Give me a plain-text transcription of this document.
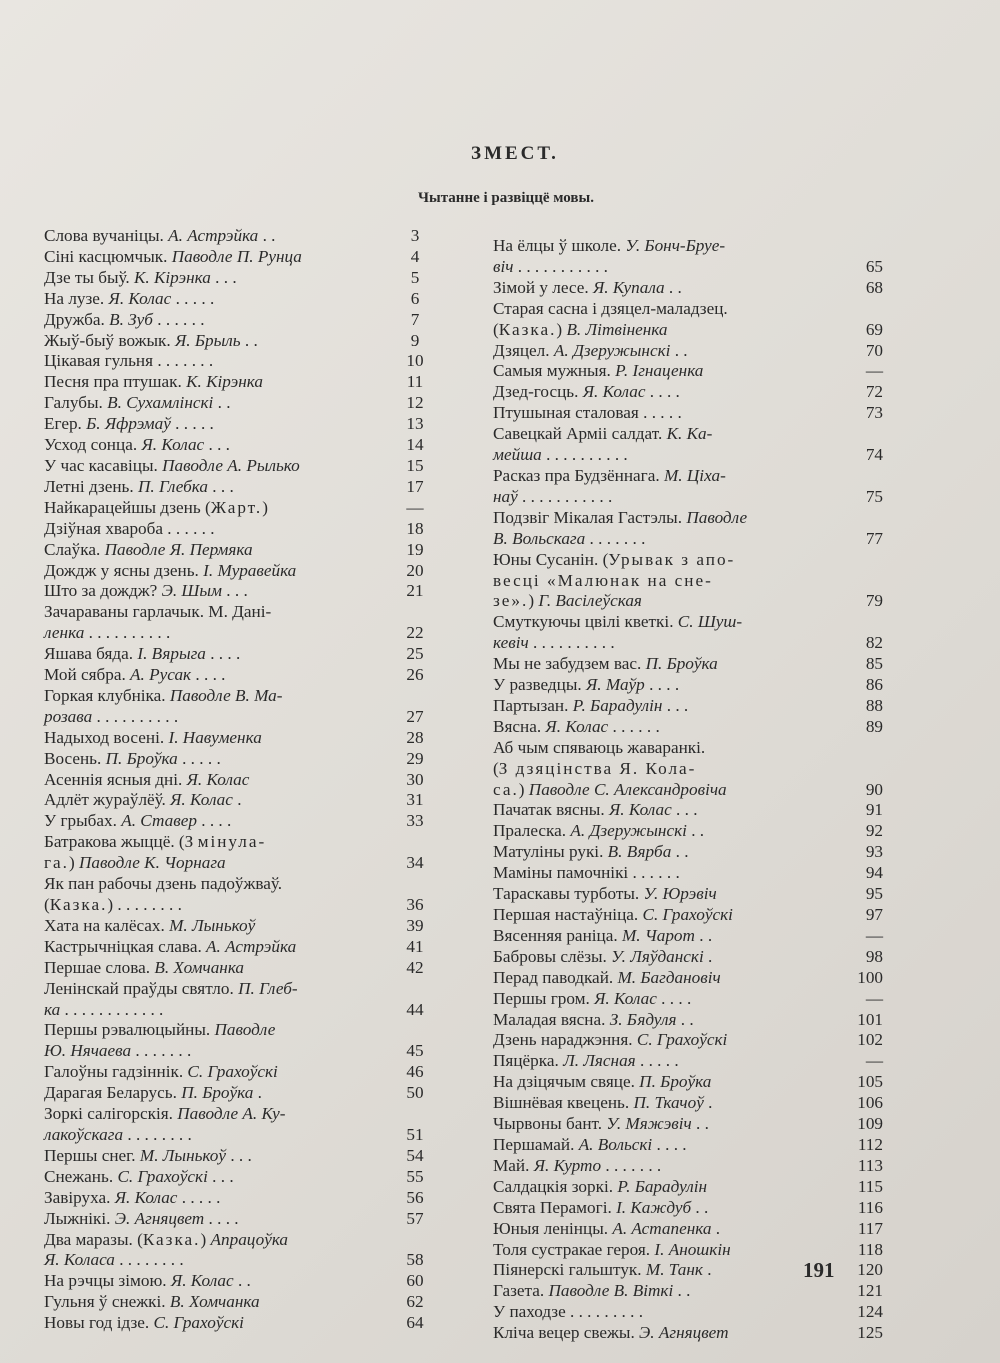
ЗМЕСТ.
Чытанне і развіццё мовы.
Слова вучаніцы. А. Астрэйка . .	3
Сіні касцюмчык. Паводле П. Рунца	4
Дзе ты быў. К. Кірэнка . . .	5
На лузе. Я. Колас . . . . .	6
Дружба. В. Зуб . . . . . .	7
Жыў-быў вожык. Я. Брыль . .	9
Цікавая гульня . . . . . . .	10
Песня пра птушак. К. Кірэнка	11
Галубы. В. Сухамлінскі . .	12
Егер. Б. Яфрэмаў . . . . .	13
Усход сонца. Я. Колас . . .	14
У час касавіцы. Паводле А. Рылько	15
Летні дзень. П. Глебка . . .	17
Найкарацейшы дзень (Жарт.)	—
Дзіўная хвароба . . . . . .	18
Слаўка. Паводле Я. Пермяка	19
Дождж у ясны дзень. І. Муравейка	20
Што за дождж? Э. Шым . . .	21
Зачараваны гарлачык. М. Дані-
ленка . . . . . . . . . .	22
Яшава бяда. І. Вярыга . . . .	25
Мой сябра. А. Русак . . . .	26
Горкая клубніка. Паводле В. Ма-
розава . . . . . . . . . .	27
Надыход восені. І. Навуменка	28
Восень. П. Броўка . . . . .	29
Асеннія ясныя дні. Я. Колас	30
Адлёт жураўлёў. Я. Колас .	31
У грыбах. А. Ставер . . . .	33
Батракова жыццё. (З мінула-
га.) Паводле К. Чорнага	34
Як пан рабочы дзень падоўжваў.
(Казка.) . . . . . . . .	36
Хата на калёсах. М. Лынькоў	39
Кастрычніцкая слава. А. Астрэйка	41
Першае слова. В. Хомчанка	42
Ленінскай праўды святло. П. Глеб-
ка . . . . . . . . . . . .	44
Першы рэвалюцыйны. Паводле
Ю. Нячаева . . . . . . .	45
Галоўны гадзіннік. С. Грахоўскі	46
Дарагая Беларусь. П. Броўка .	50
Зоркі салігорскія. Паводле А. Ку-
лакоўскага . . . . . . . .	51
Першы снег. М. Лынькоў . . .	54
Снежань. С. Грахоўскі . . .	55
Завіруха. Я. Колас . . . . .	56
Лыжнікі. Э. Агняцвет . . . .	57
Два маразы. (Казка.) Апрацоўка
Я. Коласа . . . . . . . .	58
На рэчцы зімою. Я. Колас . .	60
Гульня ў снежкі. В. Хомчанка	62
Новы год ідзе. С. Грахоўскі	64
На ёлцы ў школе. У. Бонч-Бруе-
віч . . . . . . . . . . .	65
Зімой у лесе. Я. Купала . .	68
Старая сасна і дзяцел-маладзец.
(Казка.) В. Літвіненка	69
Дзяцел. А. Дзеружынскі . .	70
Самыя мужныя. Р. Ігнаценка	—
Дзед-госць. Я. Колас . . . .	72
Птушыная сталовая . . . . .	73
Савецкай Арміі салдат. К. Ка-
мейша . . . . . . . . . .	74
Расказ пра Будзённага. М. Ціха-
наў . . . . . . . . . . .	75
Подзвіг Мікалая Гастэлы. Паводле
В. Вольскага . . . . . . .	77
Юны Сусанін. (Урывак з апо-
весці «Малюнак на сне-
зе».) Г. Васілеўская	79
Смуткуючы цвілі кветкі. С. Шуш-
кевіч . . . . . . . . . .	82
Мы не забудзем вас. П. Броўка	85
У разведцы. Я. Маўр . . . .	86
Партызан. Р. Барадулін . . .	88
Вясна. Я. Колас . . . . . .	89
Аб чым спяваюць жаваранкі.
(З дзяцінства Я. Кола-
са.) Паводле С. Александровіча	90
Пачатак вясны. Я. Колас . . .	91
Пралеска. А. Дзеружынскі . .	92
Матуліны рукі. В. Вярба . .	93
Маміны памочнікі . . . . . .	94
Тараскавы турботы. У. Юрэвіч	95
Першая настаўніца. С. Грахоўскі	97
Вясенняя раніца. М. Чарот . .	—
Бабровы слёзы. У. Ляўданскі .	98
Перад паводкай. М. Багдановіч	100
Першы гром. Я. Колас . . . .	—
Маладая вясна. З. Бядуля . .	101
Дзень нараджэння. С. Грахоўскі	102
Пяцёрка. Л. Лясная . . . . .	—
На дзіцячым свяце. П. Броўка	105
Вішнёвая квецень. П. Ткачоў .	106
Чырвоны бант. У. Мяжэвіч . .	109
Першамай. А. Вольскі . . . .	112
Май. Я. Курто . . . . . . .	113
Салдацкія зоркі. Р. Барадулін	115
Свята Перамогі. І. Каждуб . .	116
Юныя ленінцы. А. Астапенка .	117
Толя сустракае героя. І. Аношкін	118
Піянерскі гальштук. М. Танк .	120
Газета. Паводле В. Віткі . .	121
У паходзе . . . . . . . . .	124
Кліча вецер свежы. Э. Агняцвет	125
191
